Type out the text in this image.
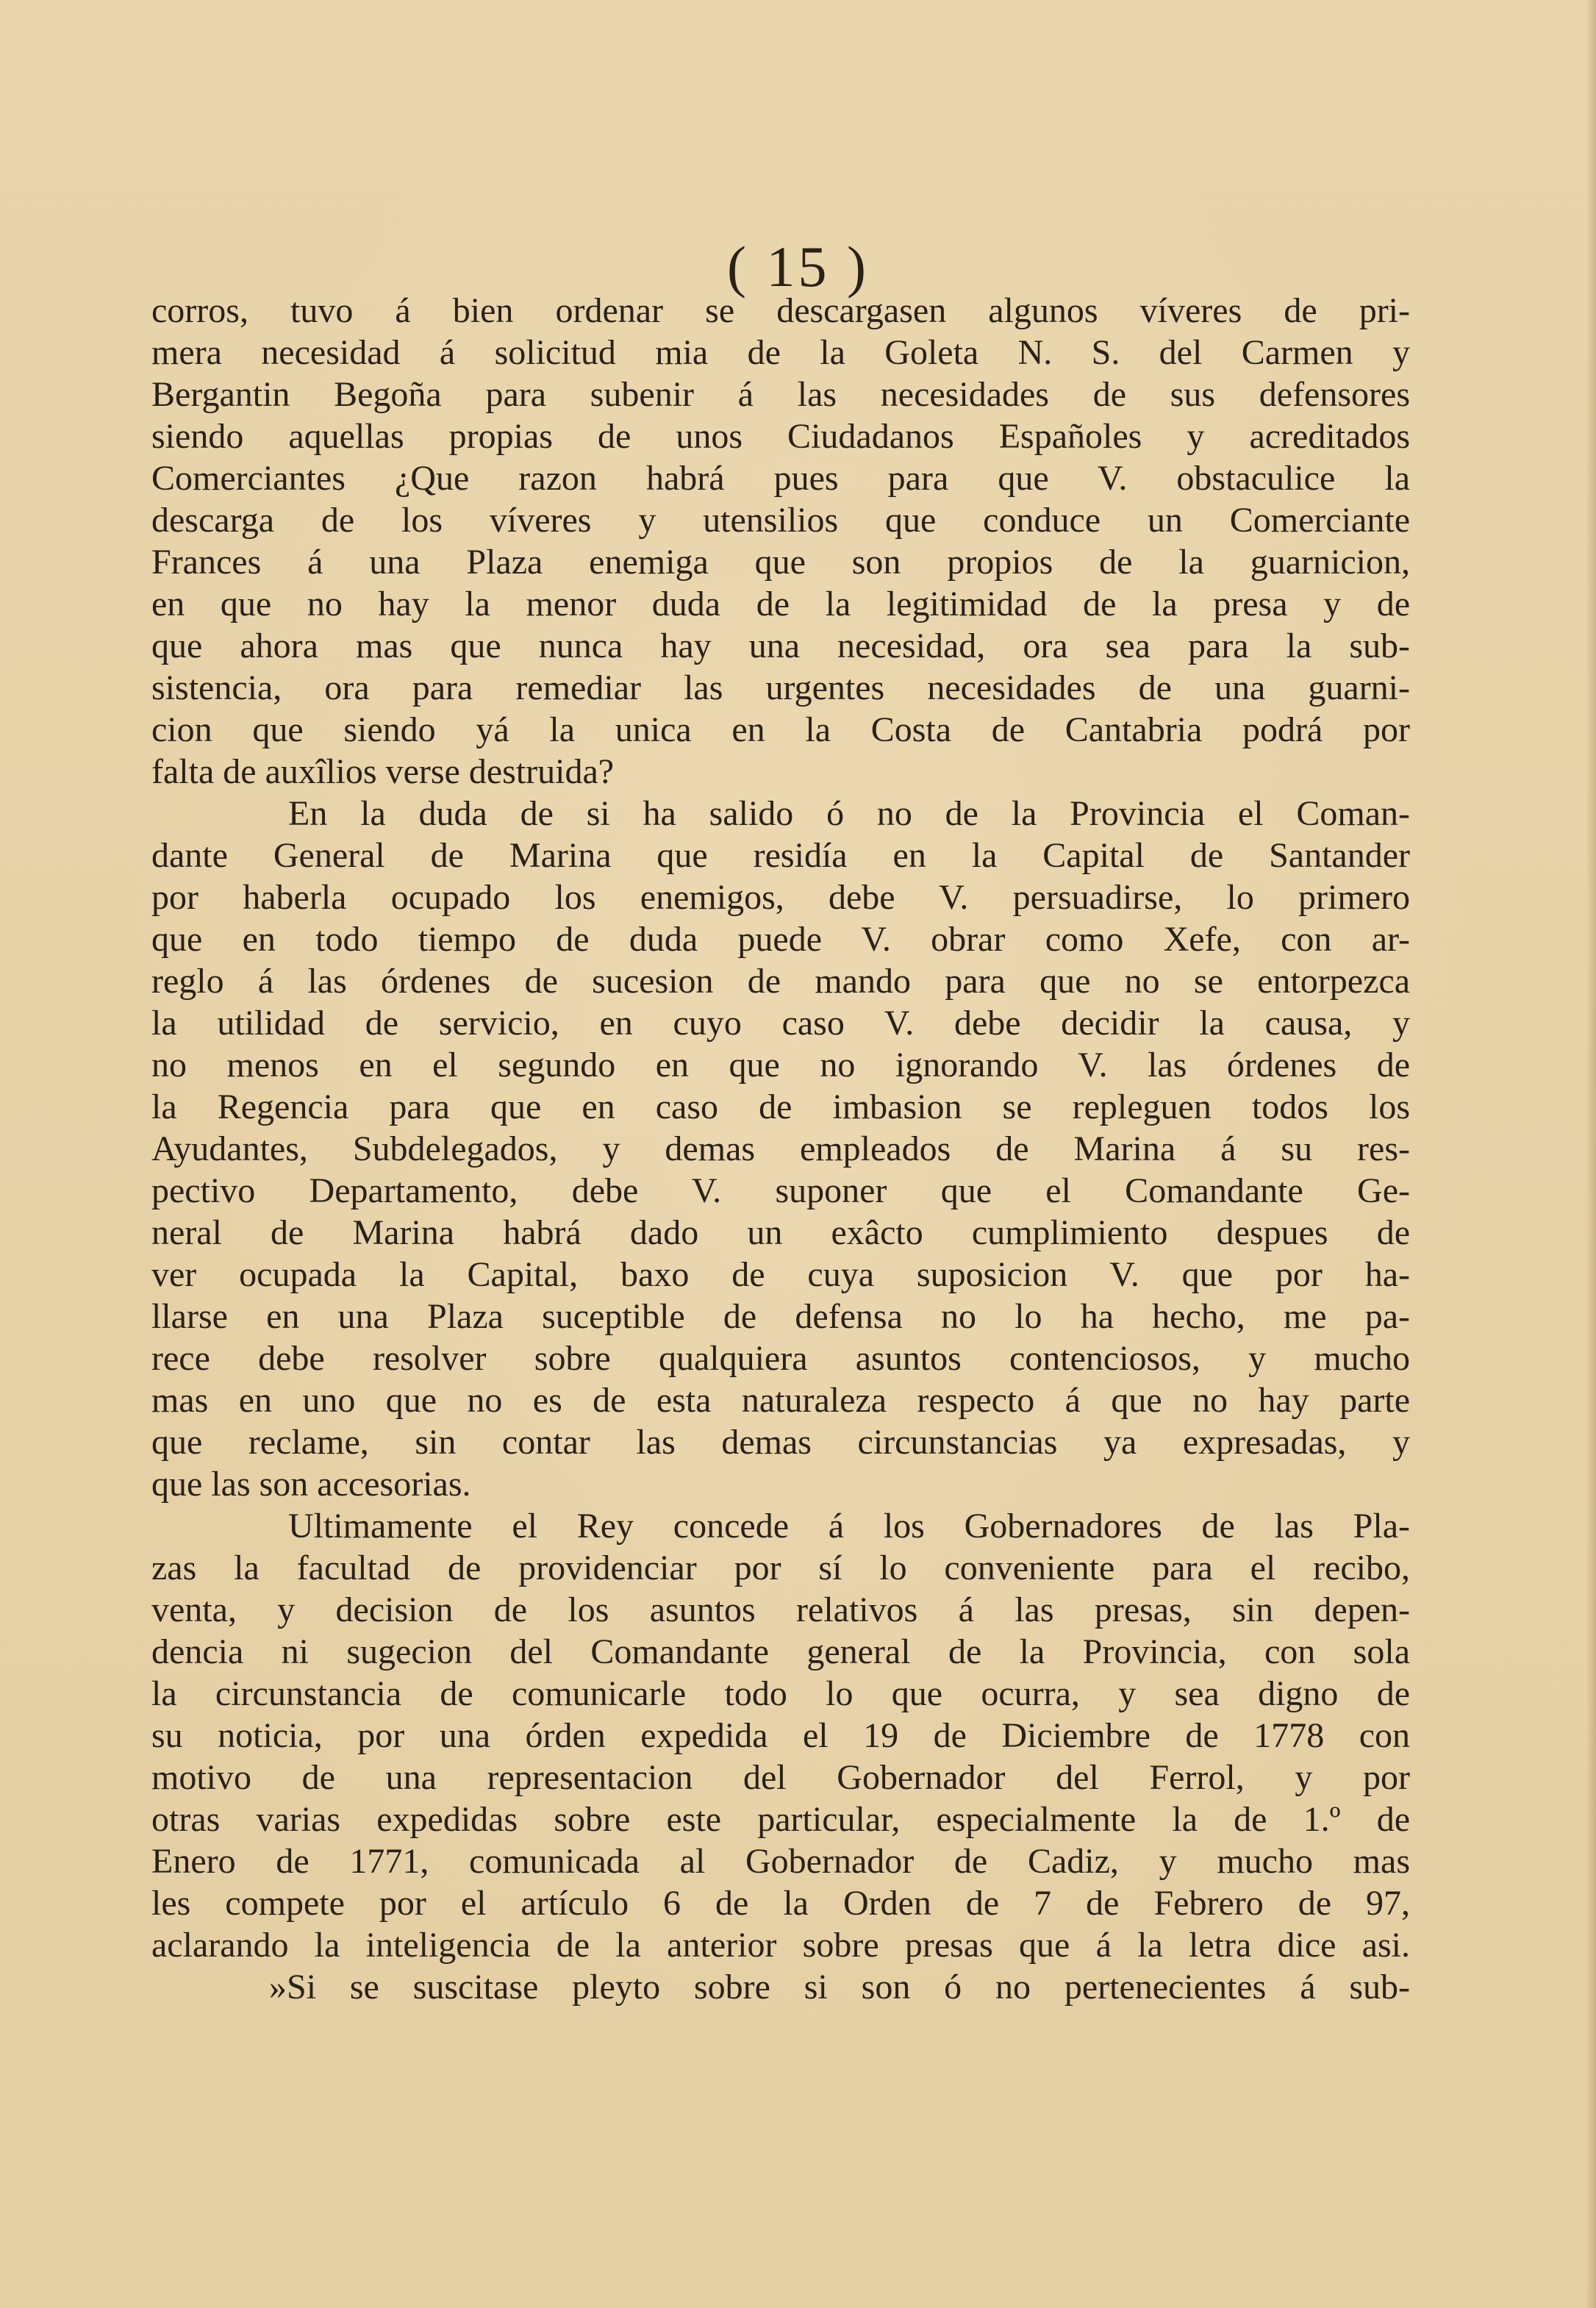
( 15 )
corros, tuvo á bien ordenar se descargasen algunos víveres de pri-
mera necesidad á solicitud mia de la Goleta N. S. del Carmen y
Bergantin Begoña para subenir á las necesidades de sus defensores
siendo aquellas propias de unos Ciudadanos Españoles y acreditados
Comerciantes ¿Que razon habrá pues para que V. obstaculice la
descarga de los víveres y utensilios que conduce un Comerciante
Frances á una Plaza enemiga que son propios de la guarnicion,
en que no hay la menor duda de la legitimidad de la presa y de
que ahora mas que nunca hay una necesidad, ora sea para la sub-
sistencia, ora para remediar las urgentes necesidades de una guarni-
cion que siendo yá la unica en la Costa de Cantabria podrá por
falta de auxîlios verse destruida?
En la duda de si ha salido ó no de la Provincia el Coman-
dante General de Marina que residía en la Capital de Santander
por haberla ocupado los enemigos, debe V. persuadirse, lo primero
que en todo tiempo de duda puede V. obrar como Xefe, con ar-
reglo á las órdenes de sucesion de mando para que no se entorpezca
la utilidad de servicio, en cuyo caso V. debe decidir la causa, y
no menos en el segundo en que no ignorando V. las órdenes de
la Regencia para que en caso de imbasion se repleguen todos los
Ayudantes, Subdelegados, y demas empleados de Marina á su res-
pectivo Departamento, debe V. suponer que el Comandante Ge-
neral de Marina habrá dado un exâcto cumplimiento despues de
ver ocupada la Capital, baxo de cuya suposicion V. que por ha-
llarse en una Plaza suceptible de defensa no lo ha hecho, me pa-
rece debe resolver sobre qualquiera asuntos contenciosos, y mucho
mas en uno que no es de esta naturaleza respecto á que no hay parte
que reclame, sin contar las demas circunstancias ya expresadas, y
que las son accesorias.
Ultimamente el Rey concede á los Gobernadores de las Pla-
zas la facultad de providenciar por sí lo conveniente para el recibo,
venta, y decision de los asuntos relativos á las presas, sin depen-
dencia ni sugecion del Comandante general de la Provincia, con sola
la circunstancia de comunicarle todo lo que ocurra, y sea digno de
su noticia, por una órden expedida el 19 de Diciembre de 1778 con
motivo de una representacion del Gobernador del Ferrol, y por
otras varias expedidas sobre este particular, especialmente la de 1.º de
Enero de 1771, comunicada al Gobernador de Cadiz, y mucho mas
les compete por el artículo 6 de la Orden de 7 de Febrero de 97,
aclarando la inteligencia de la anterior sobre presas que á la letra dice asi.
»Si se suscitase pleyto sobre si son ó no pertenecientes á sub-
